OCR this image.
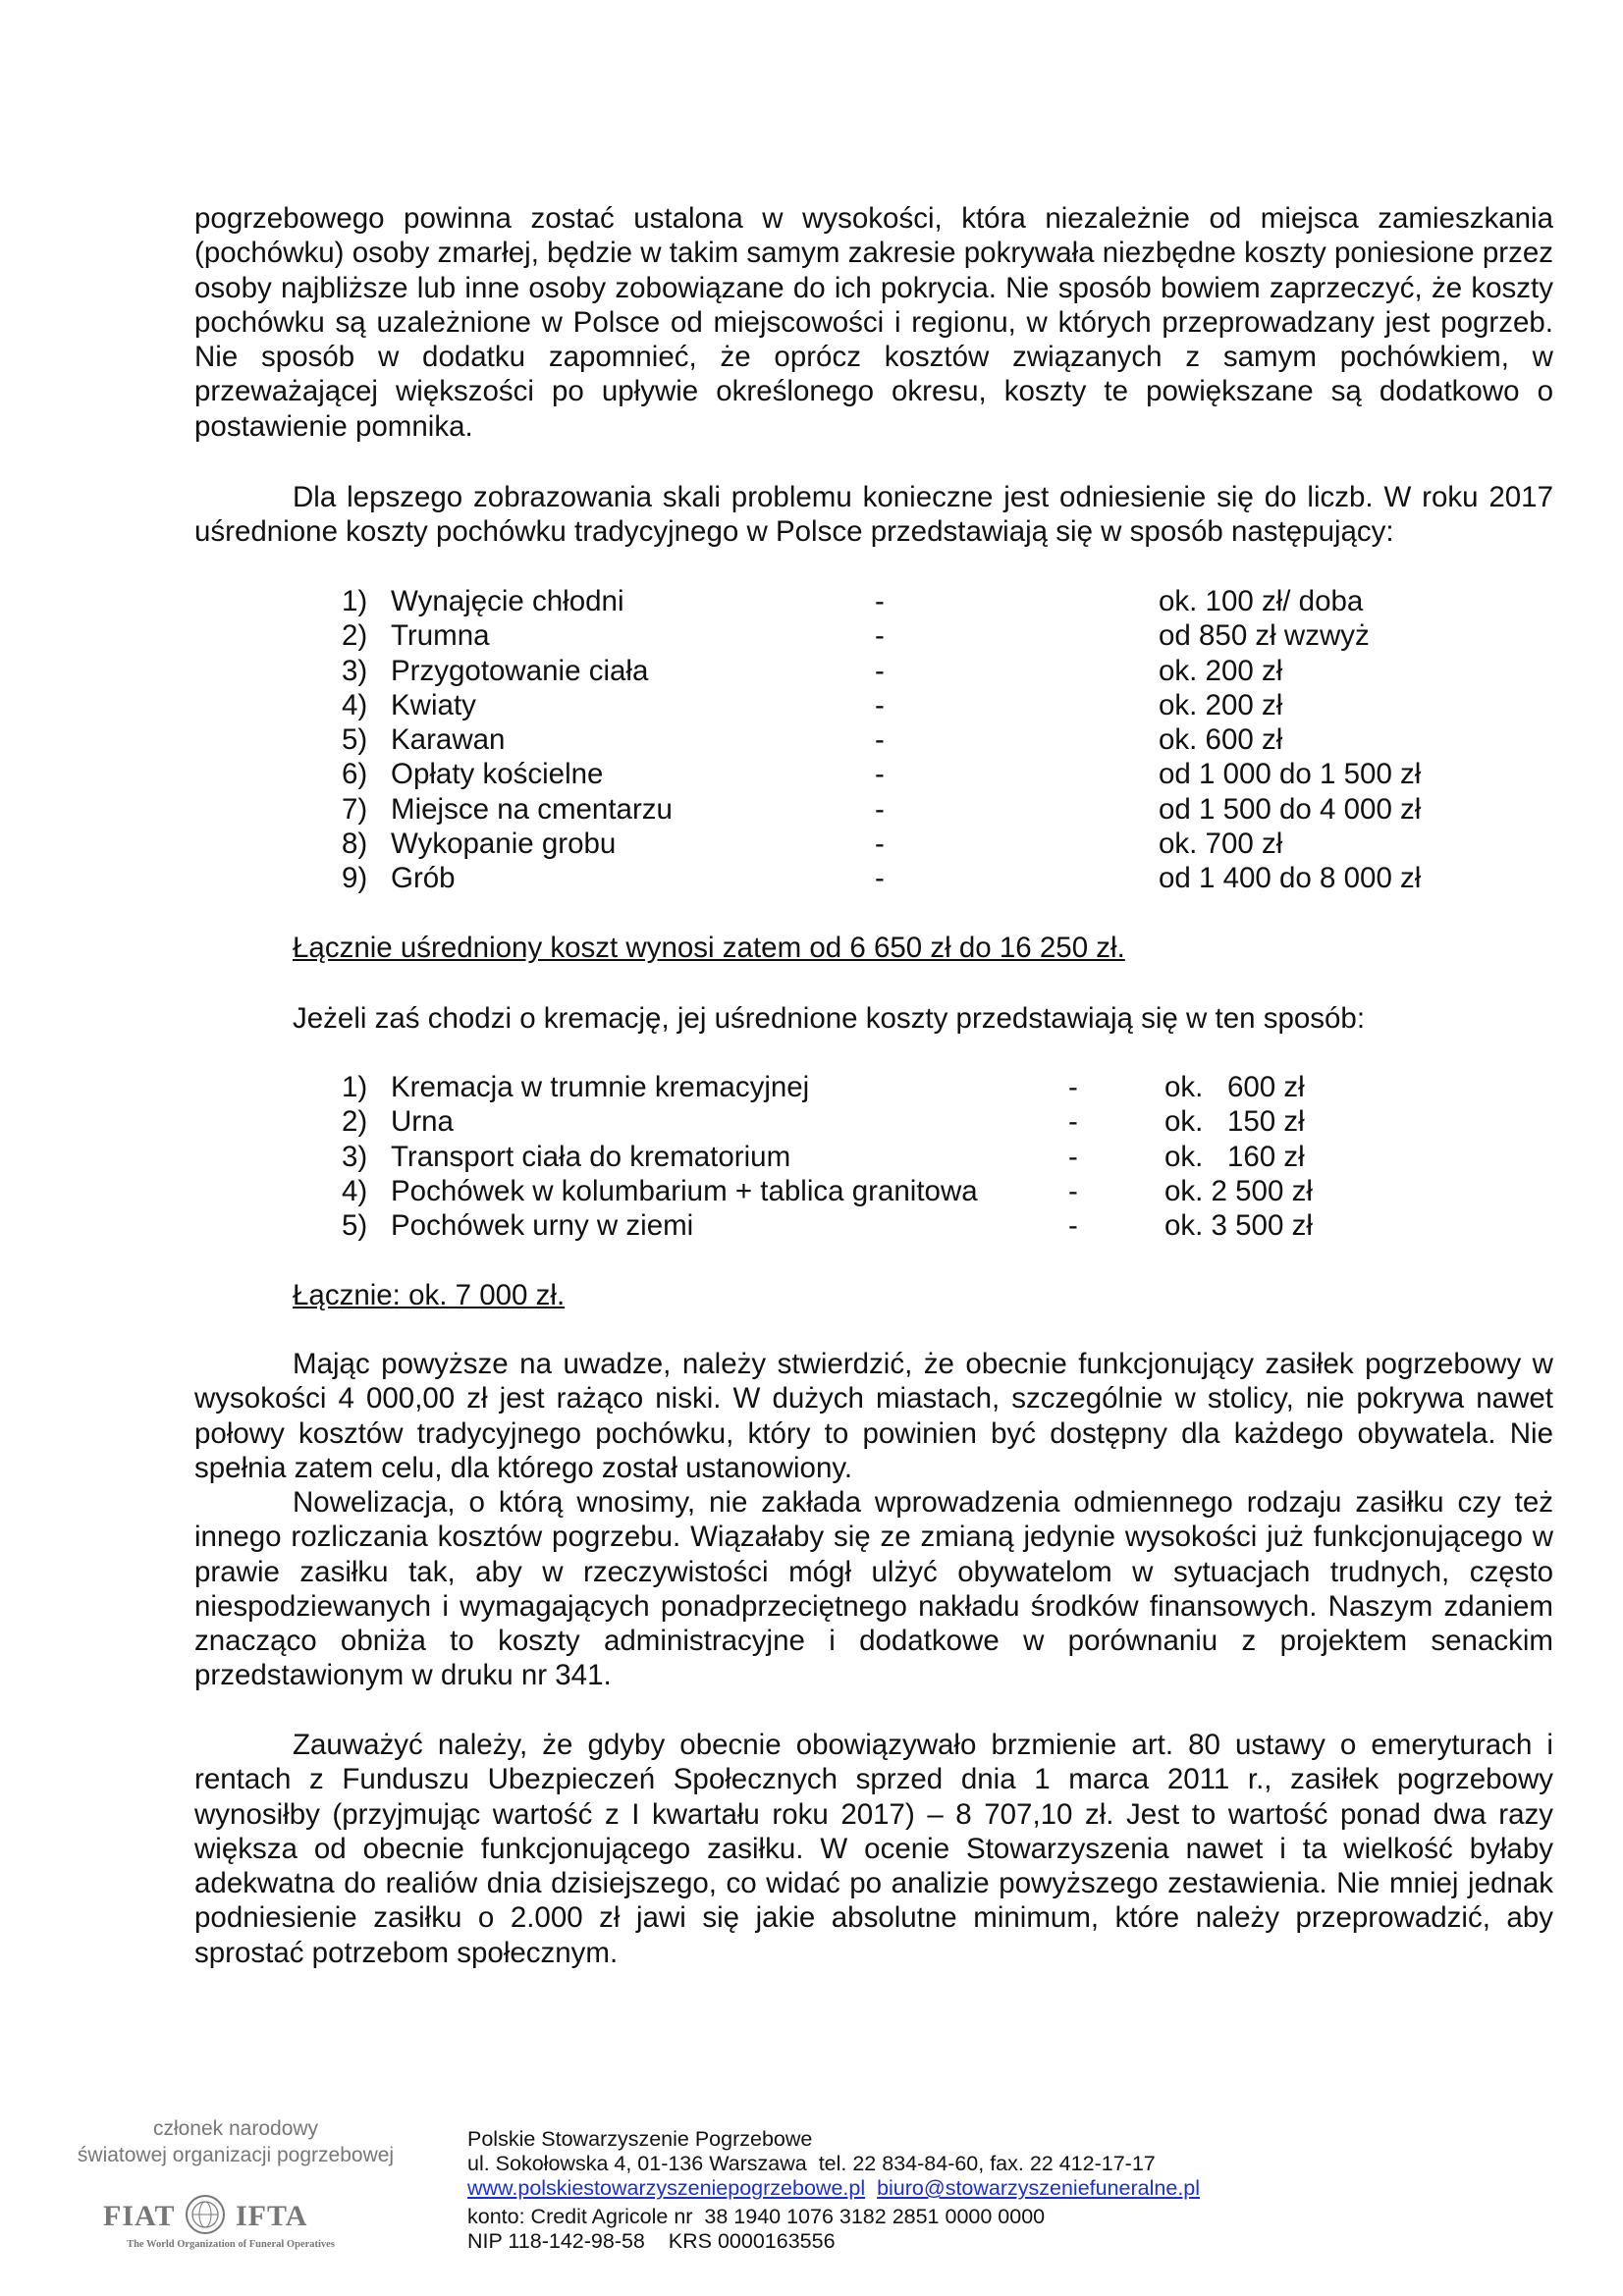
pogrzebowego powinna zostać ustalona w wysokości, która niezależnie od miejsca zamieszkania (pochówku) osoby zmarłej, będzie w takim samym zakresie pokrywała niezbędne koszty poniesione przez osoby najbliższe lub inne osoby zobowiązane do ich pokrycia. Nie sposób bowiem zaprzeczyć, że koszty pochówku są uzależnione w Polsce od miejscowości i regionu, w których przeprowadzany jest pogrzeb. Nie sposób w dodatku zapomnieć, że oprócz kosztów związanych z samym pochówkiem, w przeważającej większości po upływie określonego okresu, koszty te powiększane są dodatkowo o postawienie pomnika.

Dla lepszego zobrazowania skali problemu konieczne jest odniesienie się do liczb. W roku 2017 uśrednione koszty pochówku tradycyjnego w Polsce przedstawiają się w sposób następujący:

1) Wynajęcie chłodni	-	ok. 100 zł/ doba
2) Trumna	-	od 850 zł wzwyż
3) Przygotowanie ciała	-	ok. 200 zł
4) Kwiaty	-	ok. 200 zł
5) Karawan	-	ok. 600 zł
6) Opłaty kościelne	-	od 1 000 do 1 500 zł
7) Miejsce na cmentarzu	-	od 1 500 do 4 000 zł
8) Wykopanie grobu	-	ok. 700 zł
9) Grób	-	od 1 400 do 8 000 zł

Łącznie uśredniony koszt wynosi zatem od 6 650 zł do 16 250 zł.

Jeżeli zaś chodzi o kremację, jej uśrednione koszty przedstawiają się w ten sposób:

1) Kremacja w trumnie kremacyjnej	-	ok.   600 zł
2) Urna	-	ok.   150 zł
3) Transport ciała do krematorium	-	ok.   160 zł
4) Pochówek w kolumbarium + tablica granitowa	-	ok. 2 500 zł
5) Pochówek urny w ziemi	-	ok. 3 500 zł

Łącznie: ok. 7 000 zł.

Mając powyższe na uwadze, należy stwierdzić, że obecnie funkcjonujący zasiłek pogrzebowy w wysokości 4 000,00 zł jest rażąco niski. W dużych miastach, szczególnie w stolicy, nie pokrywa nawet połowy kosztów tradycyjnego pochówku, który to powinien być dostępny dla każdego obywatela. Nie spełnia zatem celu, dla którego został ustanowiony.

Nowelizacja, o którą wnosimy, nie zakłada wprowadzenia odmiennego rodzaju zasiłku czy też innego rozliczania kosztów pogrzebu. Wiązałaby się ze zmianą jedynie wysokości już funkcjonującego w prawie zasiłku tak, aby w rzeczywistości mógł ulżyć obywatelom w sytuacjach trudnych, często niespodziewanych i wymagających ponadprzeciętnego nakładu środków finansowych. Naszym zdaniem znacząco obniża to koszty administracyjne i dodatkowe w porównaniu z projektem senackim przedstawionym w druku nr 341.

Zauważyć należy, że gdyby obecnie obowiązywało brzmienie art. 80 ustawy o emeryturach i rentach z Funduszu Ubezpieczeń Społecznych sprzed dnia 1 marca 2011 r., zasiłek pogrzebowy wynosiłby (przyjmując wartość z I kwartału roku 2017) – 8 707,10 zł. Jest to wartość ponad dwa razy większa od obecnie funkcjonującego zasiłku. W ocenie Stowarzyszenia nawet i ta wielkość byłaby adekwatna do realiów dnia dzisiejszego, co widać po analizie powyższego zestawienia. Nie mniej jednak podniesienie zasiłku o 2.000 zł jawi się jakie absolutne minimum, które należy przeprowadzić, aby sprostać potrzebom społecznym.

członek narodowy
światowej organizacji pogrzebowej
FIAT IFTA
The World Organization of Funeral Operatives
Polskie Stowarzyszenie Pogrzebowe
ul. Sokołowska 4, 01-136 Warszawa  tel. 22 834-84-60, fax. 22 412-17-17
www.polskiestowarzyszeniepogrzebowe.pl biuro@stowarzyszeniefuneralne.pl
konto: Credit Agricole nr  38 1940 1076 3182 2851 0000 0000
NIP 118-142-98-58    KRS 0000163556
